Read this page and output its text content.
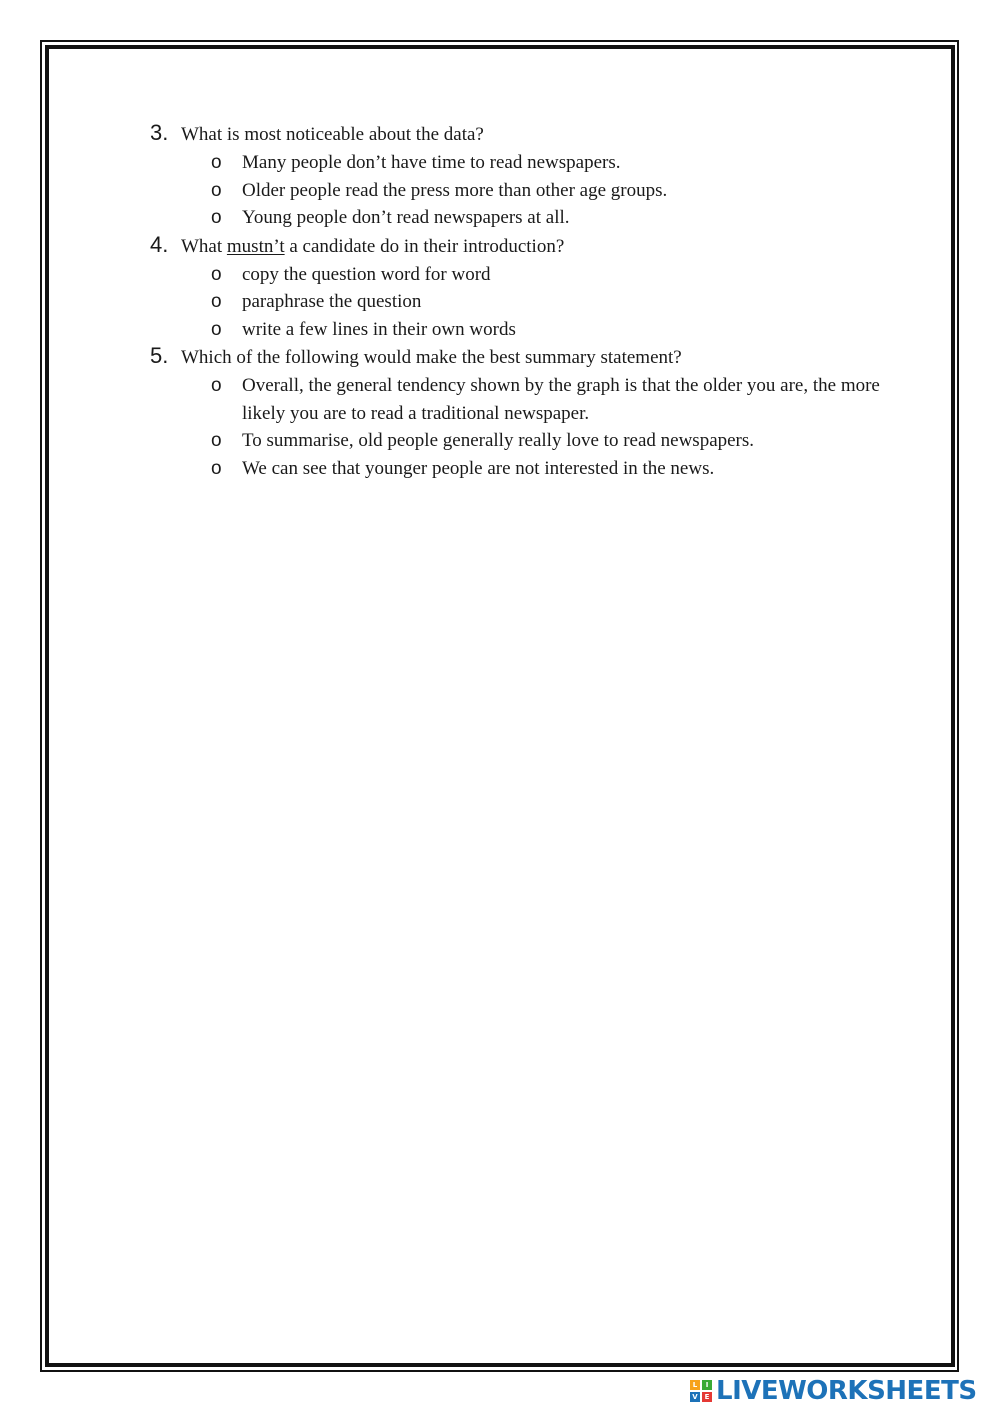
3. What is most noticeable about the data?
o	Many people don’t have time to read newspapers.
o	Older people read the press more than other age groups.
o	Young people don’t read newspapers at all.
4. What mustn’t a candidate do in their introduction?
o	copy the question word for word
o	paraphrase the question
o	write a few lines in their own words
5. Which of the following would make the best summary statement?
o	Overall, the general tendency shown by the graph is that the older you are, the more likely you are to read a traditional newspaper.
o	To summarise, old people generally really love to read newspapers.
o	We can see that younger people are not interested in the news.
L	I
V E LIVEWORKSHEETS
